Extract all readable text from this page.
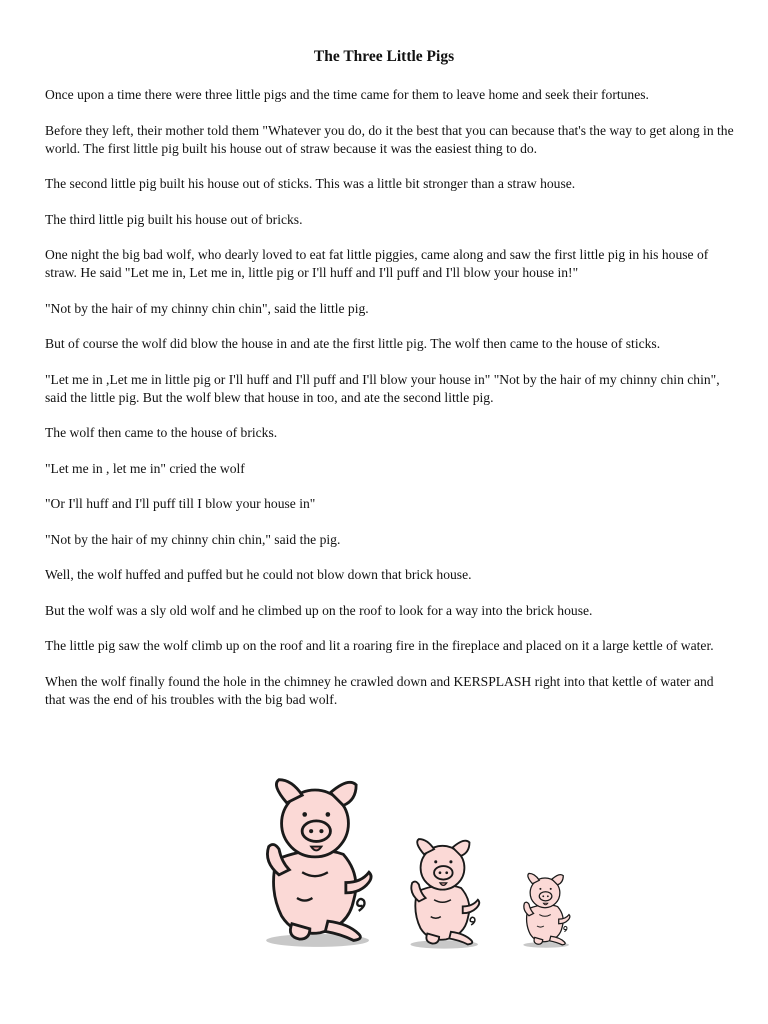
The Three Little Pigs

Once upon a time there were three little pigs and the time came for them to leave home and seek their fortunes.

Before they left, their mother told them "Whatever you do, do it the best that you can because that's the way to get along in the world. The first little pig built his house out of straw because it was the easiest thing to do.

The second little pig built his house out of sticks. This was a little bit stronger than a straw house.

The third little pig built his house out of bricks.

One night the big bad wolf, who dearly loved to eat fat little piggies, came along and saw the first little pig in his house of straw. He said "Let me in, Let me in, little pig or I'll huff and I'll puff and I'll blow your house in!"

"Not by the hair of my chinny chin chin", said the little pig.

But of course the wolf did blow the house in and ate the first little pig. The wolf then came to the house of sticks.

"Let me in ,Let me in little pig or I'll huff and I'll puff and I'll blow your house in" "Not by the hair of my chinny chin chin", said the little pig. But the wolf blew that house in too, and ate the second little pig.

The wolf then came to the house of bricks.

"Let me in , let me in" cried the wolf

"Or I'll huff and I'll puff till I blow your house in"

"Not by the hair of my chinny chin chin," said the pig.

Well, the wolf huffed and puffed but he could not blow down that brick house.

But the wolf was a sly old wolf and he climbed up on the roof to look for a way into the brick house.

The little pig saw the wolf climb up on the roof and lit a roaring fire in the fireplace and placed on it a large kettle of water.

When the wolf finally found the hole in the chimney he crawled down and KERSPLASH right into that kettle of water and that was the end of his troubles with the big bad wolf.
